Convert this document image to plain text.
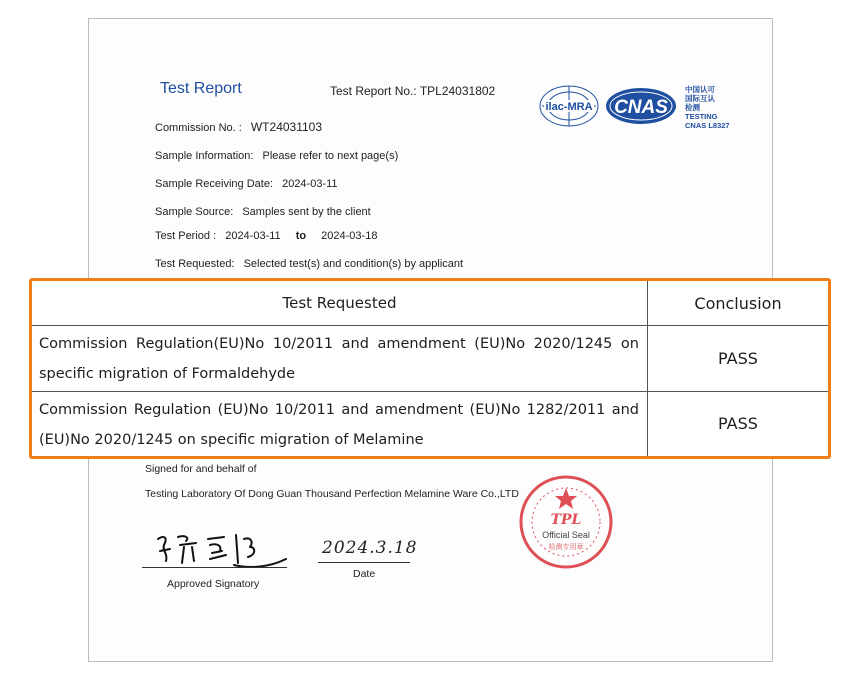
Test Report	Test Report No.: TPL24031802
ilac-MRA CNAS
中国认可
国际互认
检测
TESTING
CNAS L8327
Commission No. : WT24031103
Sample Information: Please refer to next page(s)
Sample Receiving Date: 2024-03-11
Sample Source: Samples sent by the client
Test Period : 2024-03-11 to 2024-03-18
Test Requested: Selected test(s) and condition(s) by applicant
Test Requested	Conclusion
Commission Regulation(EU)No 10/2011 and amendment (EU)No 2020/1245 on specific migration of Formaldehyde	PASS
Commission Regulation (EU)No 10/2011 and amendment (EU)No 1282/2011 and (EU)No 2020/1245 on specific migration of Melamine	PASS
Signed for and behalf of
Testing Laboratory Of Dong Guan Thousand Perfection Melamine Ware Co.,LTD
Approved Signatory
2024.3.18
Date
TPL
Official Seal
检测专用章
